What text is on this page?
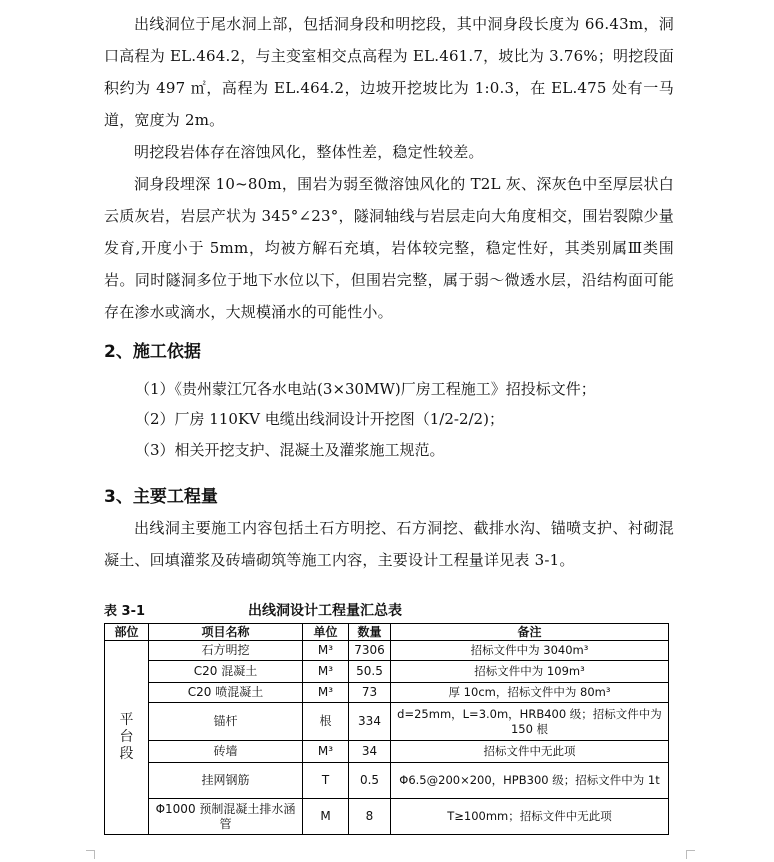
出线洞位于尾水洞上部，包括洞身段和明挖段，其中洞身段长度为 66.43m，洞口高程为 EL.464.2，与主变室相交点高程为 EL.461.7，坡比为 3.76%；明挖段面积约为 497 ㎡，高程为 EL.464.2，边坡开挖坡比为 1:0.3，在 EL.475 处有一马道，宽度为 2m。

明挖段岩体存在溶蚀风化，整体性差，稳定性较差。

洞身段埋深 10~80m，围岩为弱至微溶蚀风化的 T2L 灰、深灰色中至厚层状白云质灰岩，岩层产状为 345°∠23°，隧洞轴线与岩层走向大角度相交，围岩裂隙少量发育,开度小于 5mm，均被方解石充填，岩体较完整，稳定性好，其类别属Ⅲ类围岩。同时隧洞多位于地下水位以下，但围岩完整，属于弱～微透水层，沿结构面可能存在渗水或滴水，大规模涌水的可能性小。

2、施工依据

（1）《贵州蒙江冗各水电站(3×30MW)厂房工程施工》招投标文件；

（2）厂房 110KV 电缆出线洞设计开挖图（1/2-2/2)；

（3）相关开挖支护、混凝土及灌浆施工规范。

3、主要工程量

出线洞主要施工内容包括土石方明挖、石方洞挖、截排水沟、锚喷支护、衬砌混凝土、回填灌浆及砖墙砌筑等施工内容，主要设计工程量详见表 3-1。

表 3-1	出线洞设计工程量汇总表
部位	项目名称	单位	数量	备注
平
台
段	石方明挖	M³	7306	招标文件中为 3040m³
	C20 混凝土	M³	50.5	招标文件中为 109m³
	C20 喷混凝土	M³	73	厚 10cm，招标文件中为 80m³
	锚杆	根	334	d=25mm，L=3.0m，HRB400 级；招标文件中为 150 根
	砖墙	M³	34	招标文件中无此项
	挂网钢筋	T	0.5	Φ6.5@200×200，HPB300 级；招标文件中为 1t
	Φ1000 预制混凝土排水涵管	M	8	T≥100mm；招标文件中无此项
